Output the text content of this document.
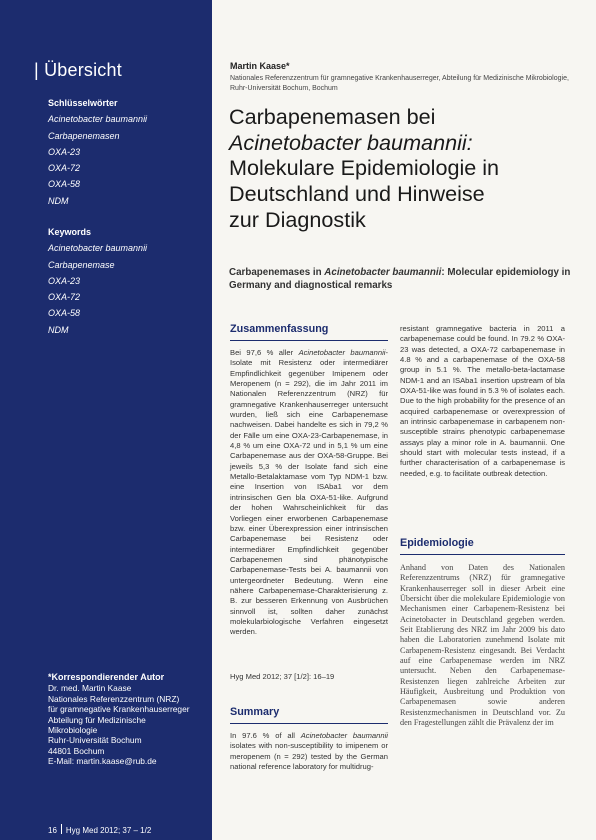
| Übersicht
Schlüsselwörter
Acinetobacter baumannii
Carbapenemasen
OXA-23
OXA-72
OXA-58
NDM
Keywords
Acinetobacter baumannii
Carbapenemase
OXA-23
OXA-72
OXA-58
NDM
*Korrespondierender Autor
Dr. med. Martin Kaase
Nationales Referenzzentrum (NRZ)
für gramnegative Krankenhauserreger
Abteilung für Medizinische
Mikrobiologie
Ruhr-Universität Bochum
44801 Bochum
E-Mail: martin.kaase@rub.de
16 Hyg Med 2012; 37 – 1/2
Martin Kaase*
Nationales Referenzzentrum für gramnegative Krankenhauserreger, Abteilung für Medizinische Mikrobiologie, Ruhr-Universität Bochum, Bochum
Carbapenemasen bei
Acinetobacter baumannii:
Molekulare Epidemiologie in
Deutschland und Hinweise
zur Diagnostik
Carbapenemases in Acinetobacter baumannii: Molecular epidemiology in Germany and diagnostical remarks
Zusammenfassung

Bei 97,6 % aller Acinetobacter baumannii-Isolate mit Resistenz oder intermediärer Empfindlichkeit gegenüber Imipenem oder Meropenem (n = 292), die im Jahr 2011 im Nationalen Referenzzentrum (NRZ) für gramnegative Krankenhauserreger untersucht wurden, ließ sich eine Carbapenemase nachweisen. Dabei handelte es sich in 79,2 % der Fälle um eine OXA-23-Carbapenemase, in 4,8 % um eine OXA-72 und in 5,1 % um eine Carbapenemase aus der OXA-58-Gruppe. Bei jeweils 5,3 % der Isolate fand sich eine Metallo-Betalaktamase vom Typ NDM-1 bzw. eine Insertion von ISAba1 vor dem intrinsischen Gen bla OXA-51-like. Aufgrund der hohen Wahrscheinlichkeit für das Vorliegen einer erworbenen Carbapenemase bzw. einer Überexpression einer intrinsischen Carbapenemase bei Resistenz oder intermediärer Empfindlichkeit gegenüber Carbapenemen sind phänotypische Carbapenemase-Tests bei A. baumannii von untergeordneter Bedeutung. Wenn eine nähere Carbapenemase-Charakterisierung z. B. zur besseren Erkennung von Ausbrüchen sinnvoll ist, sollten daher zunächst molekularbiologische Verfahren eingesetzt werden.

Hyg Med 2012; 37 [1/2]: 16–19
Summary

In 97.6 % of all Acinetobacter baumannii isolates with non-susceptibility to imipenem or meropenem (n = 292) tested by the German national reference laboratory for multidrug-

resistant gramnegative bacteria in 2011 a carbapenemase could be found. In 79.2 % OXA-23 was detected, a OXA-72 carbapenemase in 4.8 % and a carbapenemase of the OXA-58 group in 5.1 %. The metallo-beta-lactamase NDM-1 and an ISAba1 insertion upstream of bla OXA-51-like was found in 5.3 % of isolates each. Due to the high probability for the presence of an acquired carbapenemase or overexpression of an intrinsic carbapenemase in carbapenem non-susceptible strains phenotypic carbapenemase assays play a minor role in A. baumannii. One should start with molecular tests instead, if a further characterisation of a carbapenemase is needed, e.g. to facilitate outbreak detection.

Epidemiologie

Anhand von Daten des Nationalen Referenzzentrums (NRZ) für gramnegative Krankenhauserreger soll in dieser Arbeit eine Übersicht über die molekulare Epidemiologie von Mechanismen einer Carbapenem-Resistenz bei Acinetobacter in Deutschland gegeben werden. Seit Etablierung des NRZ im Jahr 2009 bis dato haben die Laboratorien zunehmend Isolate mit Carbapenem-Resistenz eingesandt. Bei Verdacht auf eine Carbapenemase werden im NRZ untersucht. Neben den Carbapenemase-Resistenzen liegen zahlreiche Arbeiten zur Häufigkeit, Ausbreitung und Produktion von Carbapenemasen sowie anderen Resistenzmechanismen in Deutschland vor. Zu den Fragestellungen zählt die Prävalenz der im
